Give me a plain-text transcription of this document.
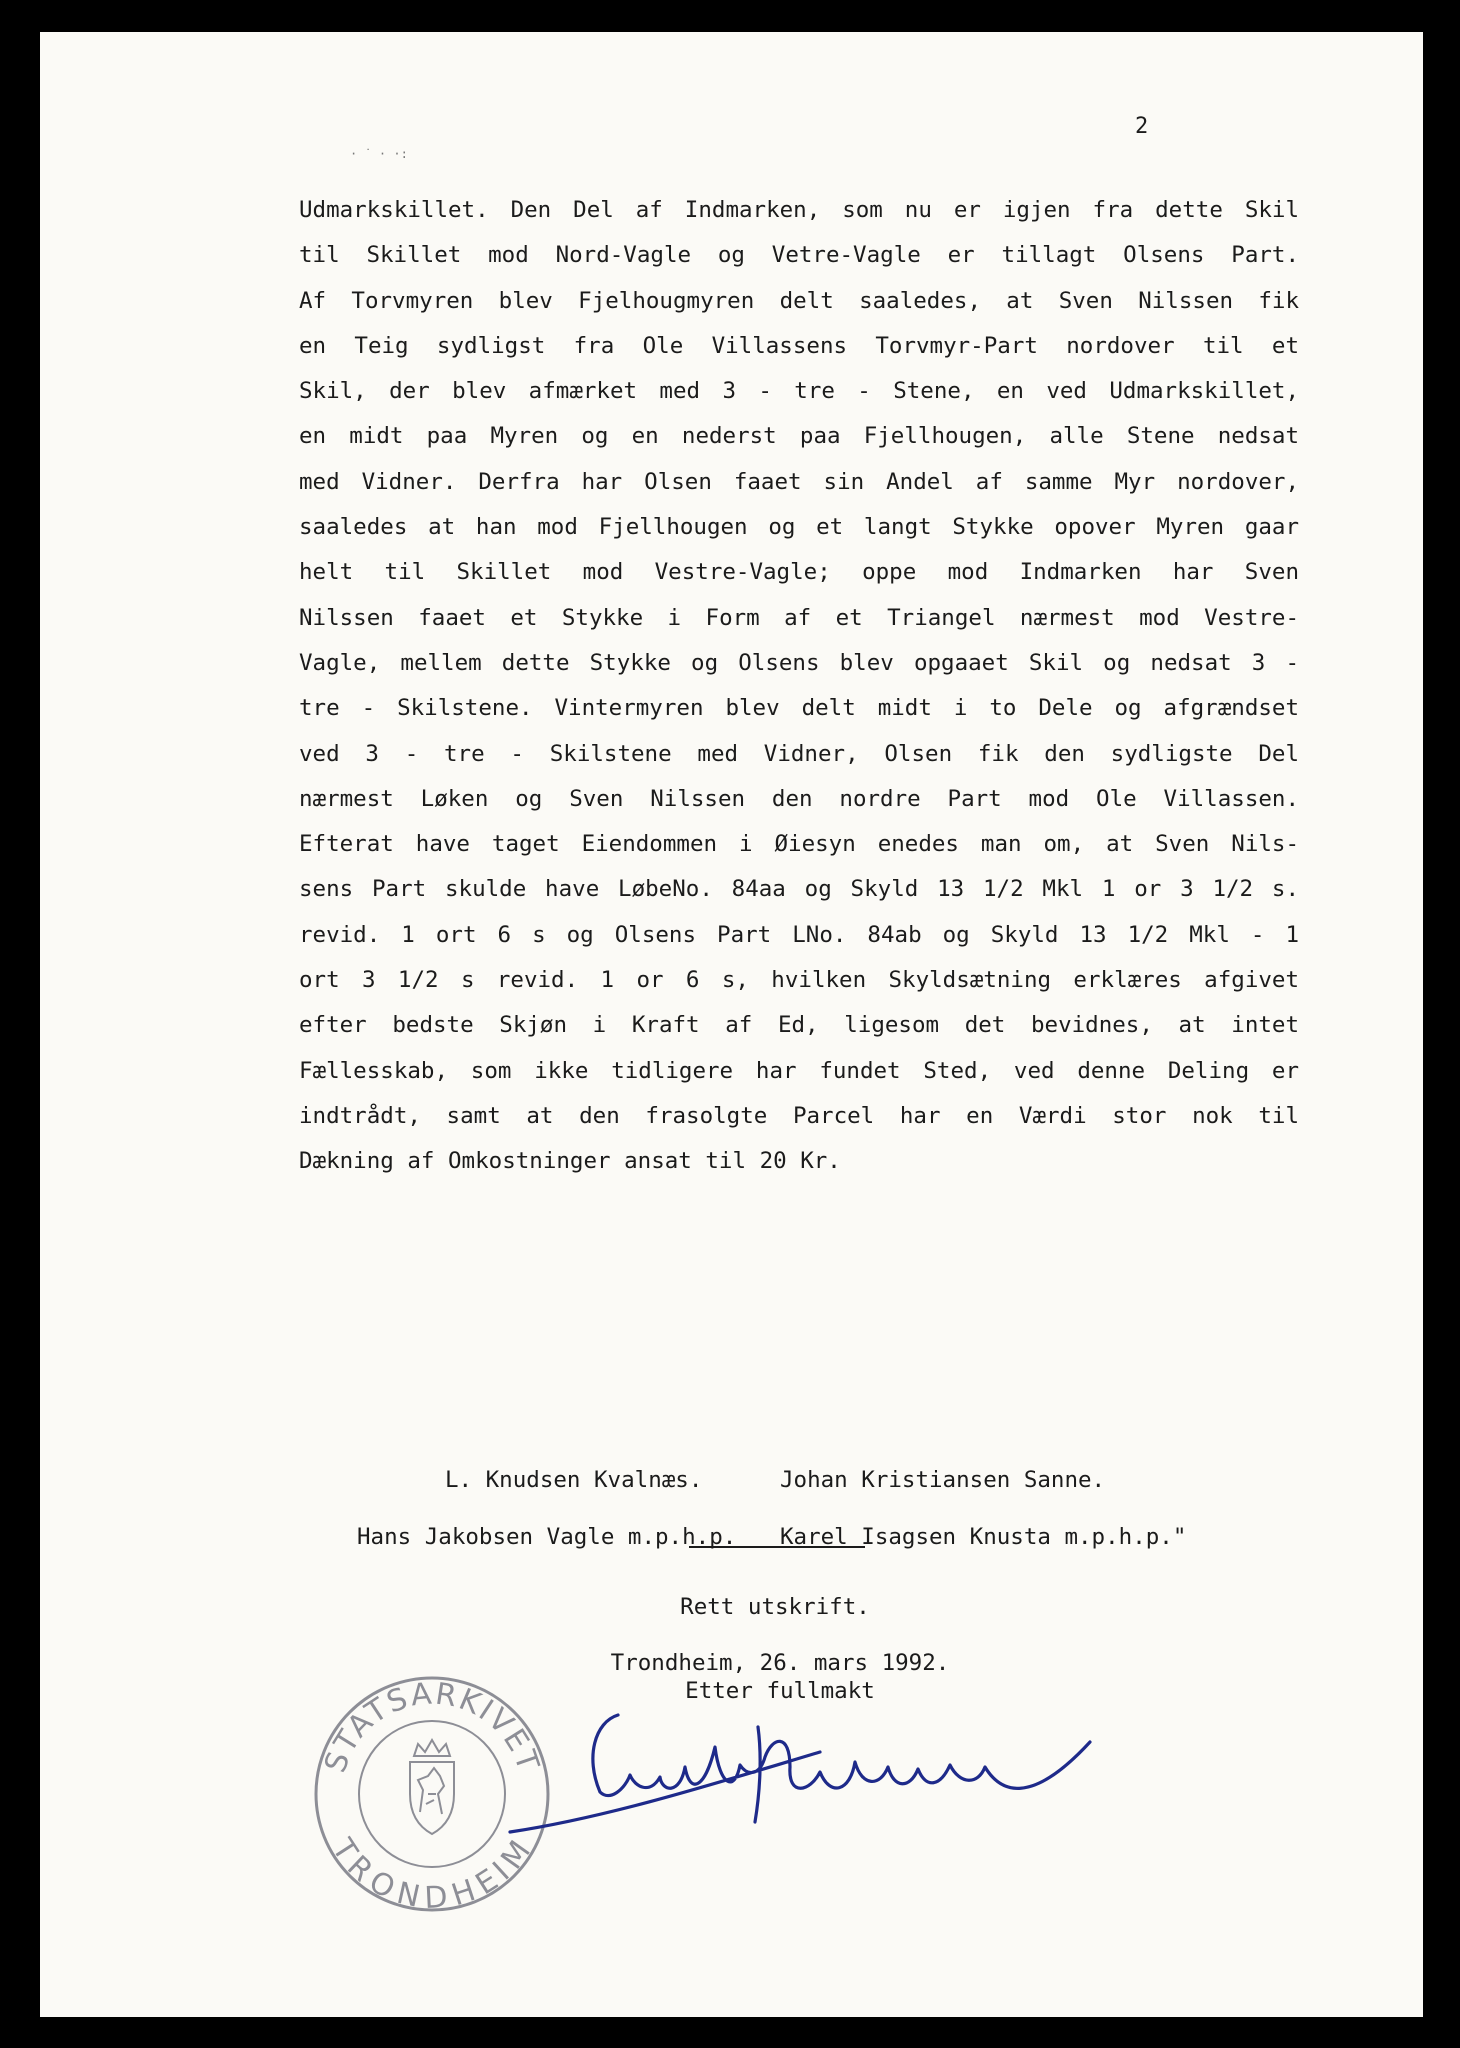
2
· ˙ · ·:
Udmarkskillet. Den Del af Indmarken, som nu er igjen fra dette Skil
til Skillet mod Nord-Vagle og Vetre-Vagle er tillagt Olsens Part.
Af Torvmyren blev Fjelhougmyren delt saaledes, at Sven Nilssen fik
en Teig sydligst fra Ole Villassens Torvmyr-Part nordover til et
Skil, der blev afmærket med 3 - tre - Stene, en ved Udmarkskillet,
en midt paa Myren og en nederst paa Fjellhougen, alle Stene nedsat
med Vidner. Derfra har Olsen faaet sin Andel af samme Myr nordover,
saaledes at han mod Fjellhougen og et langt Stykke opover Myren gaar
helt til Skillet mod Vestre-Vagle; oppe mod Indmarken har Sven
Nilssen faaet et Stykke i Form af et Triangel nærmest mod Vestre-
Vagle, mellem dette Stykke og Olsens blev opgaaet Skil og nedsat 3 -
tre - Skilstene. Vintermyren blev delt midt i to Dele og afgrændset
ved 3 - tre - Skilstene med Vidner, Olsen fik den sydligste Del
nærmest Løken og Sven Nilssen den nordre Part mod Ole Villassen.
Efterat have taget Eiendommen i Øiesyn enedes man om, at Sven Nils-
sens Part skulde have LøbeNo. 84aa og Skyld 13 1/2 Mkl 1 or 3 1/2 s.
revid. 1 ort 6 s og Olsens Part LNo. 84ab og Skyld 13 1/2 Mkl - 1
ort 3 1/2 s revid. 1 or 6 s, hvilken Skyldsætning erklæres afgivet
efter bedste Skjøn i Kraft af Ed, ligesom det bevidnes, at intet
Fællesskab, som ikke tidligere har fundet Sted, ved denne Deling er
indtrådt, samt at den frasolgte Parcel har en Værdi stor nok til
Dækning af Omkostninger ansat til 20 Kr.
L. Knudsen Kvalnæs.	Johan Kristiansen Sanne.
Hans Jakobsen Vagle m.p.h.p. Karel Isagsen Knusta m.p.h.p."
Rett utskrift.
Trondheim, 26. mars 1992.
Etter fullmakt
STATSARKIVET
TRONDHEIM
